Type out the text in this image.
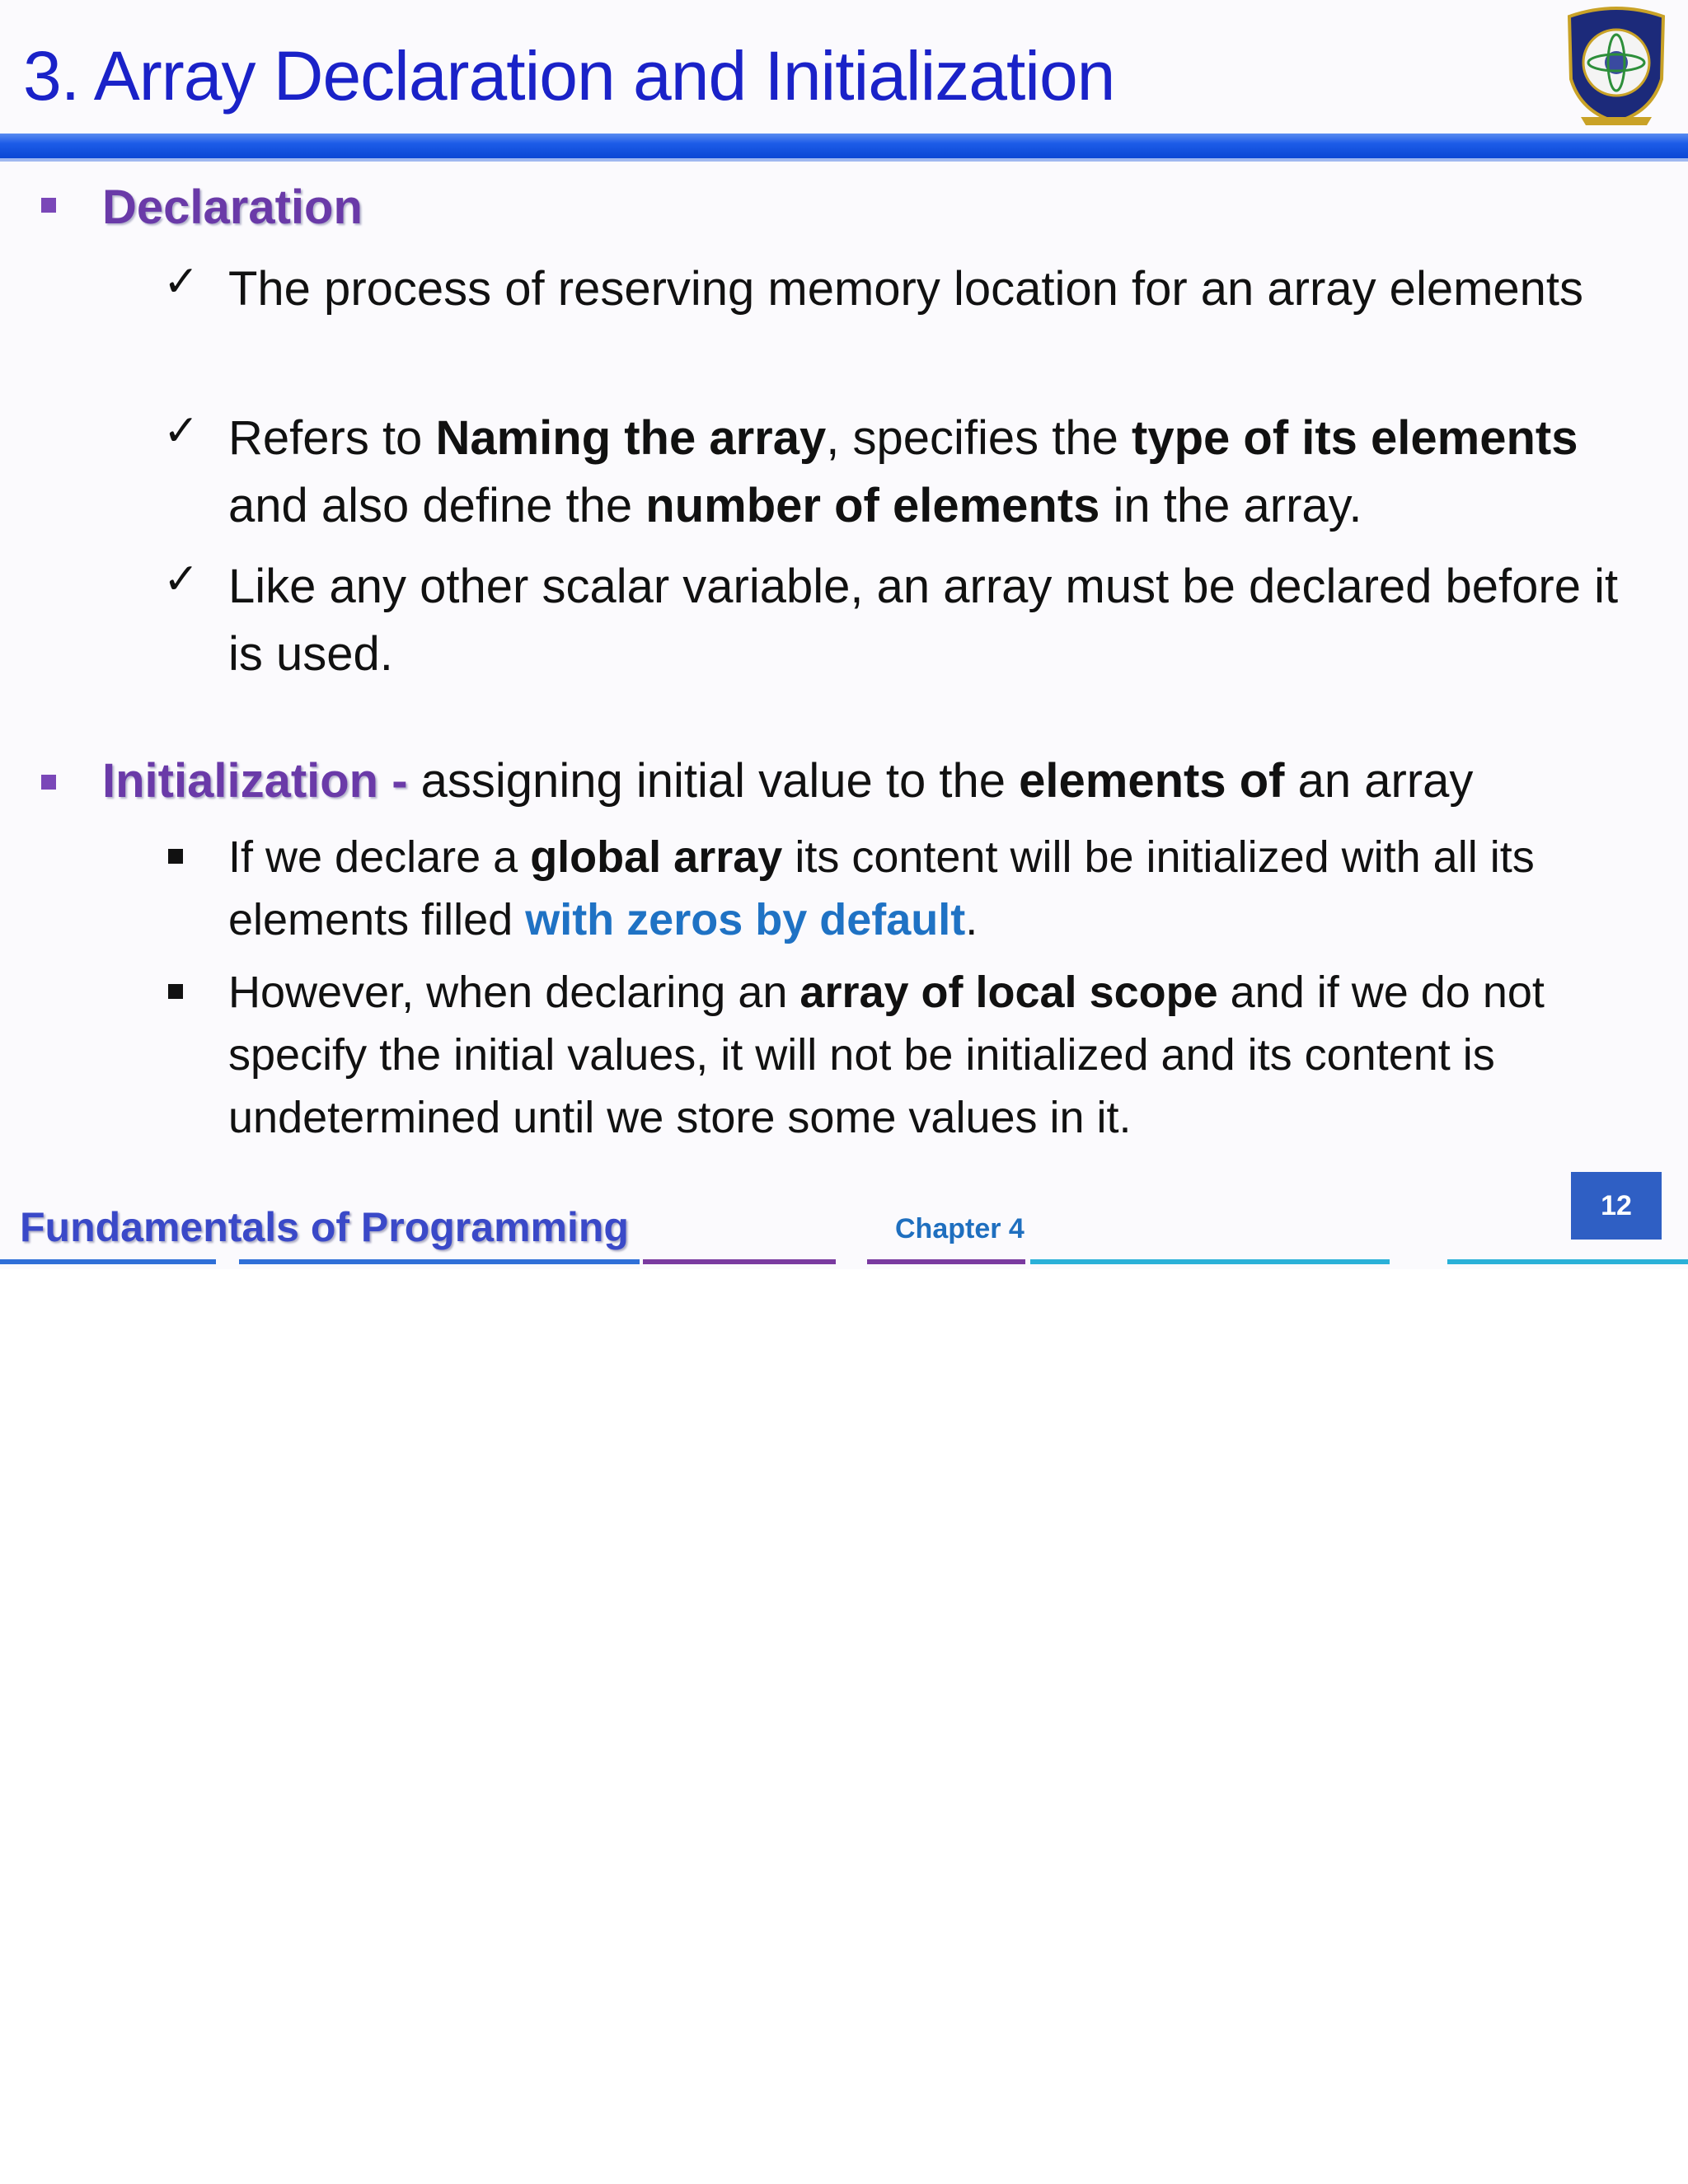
3. Array Declaration and Initialization
Declaration
✓ The process of reserving memory location for an array elements
✓ Refers to Naming the array, specifies the type of its elements and also define the number of elements in the array.
✓ Like any other scalar variable, an array must be declared before it is used.
Initialization - assigning initial value to the elements of an array
If we declare a global array its content will be initialized with all its elements filled with zeros by default.
However, when declaring an array of local scope and if we do not specify the initial values, it will not be initialized and its content is undetermined until we store some values in it.
Fundamentals of Programming	Chapter 4
12
